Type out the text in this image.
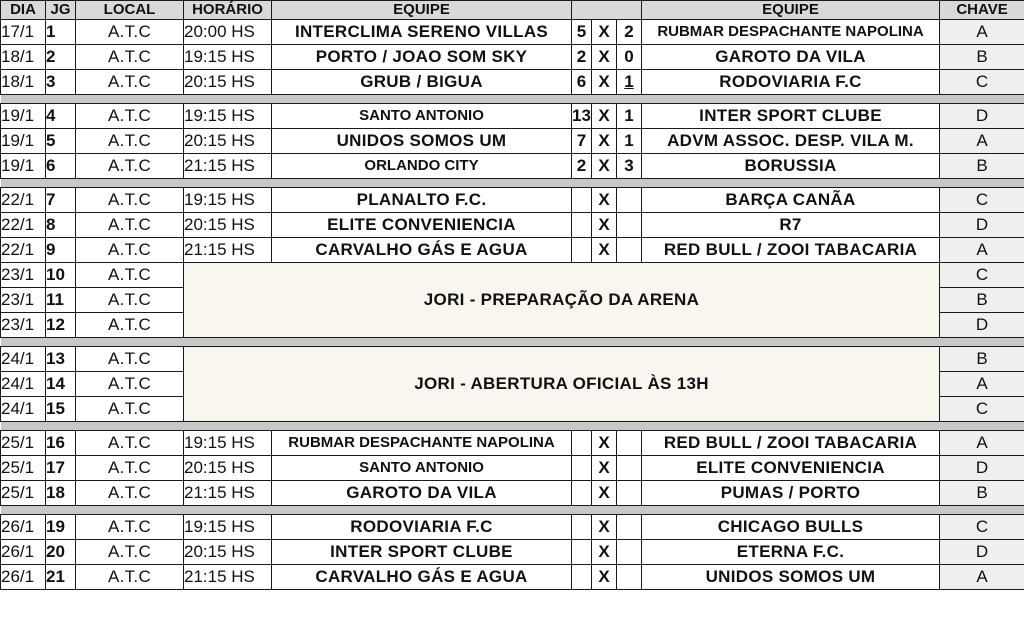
DIA	JG	LOCAL	HORÁRIO	EQUIPE				EQUIPE	CHAVE
17/1	1	A.T.C	20:00 HS	INTERCLIMA SERENO VILLAS	5	X	2	RUBMAR DESPACHANTE NAPOLINA	A
18/1	2	A.T.C	19:15 HS	PORTO / JOAO SOM SKY	2	X	0	GAROTO DA VILA	B
18/1	3	A.T.C	20:15 HS	GRUB / BIGUA	6	X	1	RODOVIARIA F.C	C

19/1	4	A.T.C	19:15 HS	SANTO ANTONIO	13	X	1	INTER SPORT CLUBE	D
19/1	5	A.T.C	20:15 HS	UNIDOS SOMOS UM	7	X	1	ADVM ASSOC. DESP. VILA M.	A
19/1	6	A.T.C	21:15 HS	ORLANDO CITY	2	X	3	BORUSSIA	B

22/1	7	A.T.C	19:15 HS	PLANALTO F.C.		X		BARÇA CANÃA	C
22/1	8	A.T.C	20:15 HS	ELITE CONVENIENCIA		X		R7	D
22/1	9	A.T.C	21:15 HS	CARVALHO GÁS E AGUA		X		RED BULL / ZOOI TABACARIA	A
23/1	10	A.T.C	JORI - PREPARAÇÃO DA ARENA						C
23/1	11	A.T.C							B
23/1	12	A.T.C							D

24/1	13	A.T.C	JORI - ABERTURA OFICIAL ÀS 13H						B
24/1	14	A.T.C							A
24/1	15	A.T.C							C

25/1	16	A.T.C	19:15 HS	RUBMAR DESPACHANTE NAPOLINA		X		RED BULL / ZOOI TABACARIA	A
25/1	17	A.T.C	20:15 HS	SANTO ANTONIO		X		ELITE CONVENIENCIA	D
25/1	18	A.T.C	21:15 HS	GAROTO DA VILA		X		PUMAS / PORTO	B

26/1	19	A.T.C	19:15 HS	RODOVIARIA F.C		X		CHICAGO BULLS	C
26/1	20	A.T.C	20:15 HS	INTER SPORT CLUBE		X		ETERNA F.C.	D
26/1	21	A.T.C	21:15 HS	CARVALHO GÁS E AGUA		X		UNIDOS SOMOS UM	A
